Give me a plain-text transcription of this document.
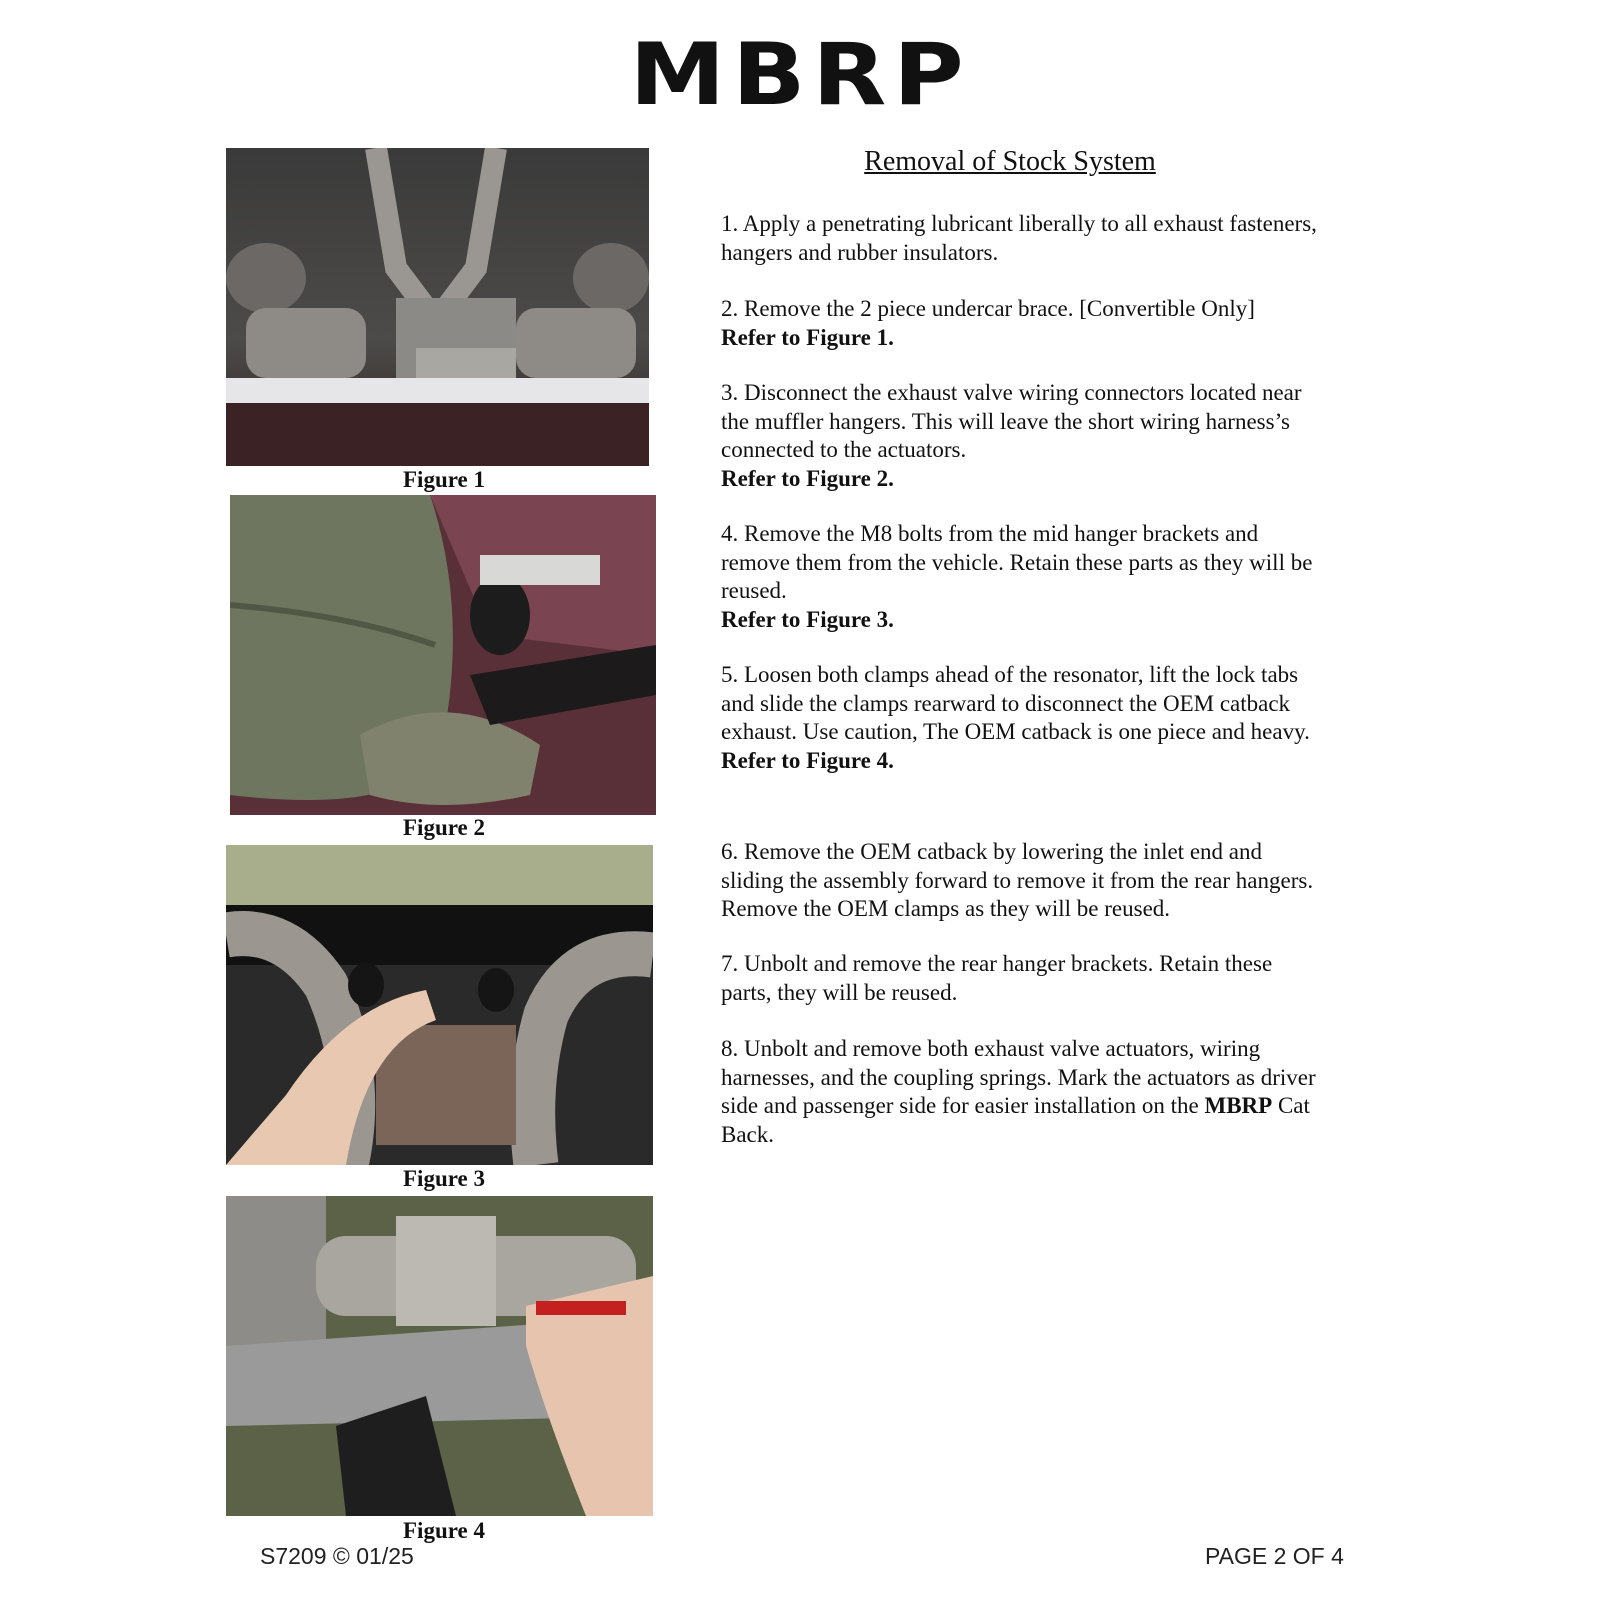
MBRP
Figure 1
Figure 2
Figure 3
Figure 4
Removal of Stock System

1. Apply a penetrating lubricant liberally to all exhaust fasteners, hangers and rubber insulators.

2. Remove the 2 piece undercar brace. [Convertible Only]
Refer to Figure 1.

3. Disconnect the exhaust valve wiring connectors located near the muffler hangers. This will leave the short wiring harness’s connected to the actuators.
Refer to Figure 2.

4. Remove the M8 bolts from the mid hanger brackets and remove them from the vehicle. Retain these parts as they will be reused.
Refer to Figure 3.

5. Loosen both clamps ahead of the resonator, lift the lock tabs and slide the clamps rearward to disconnect the OEM catback exhaust. Use caution, The OEM catback is one piece and heavy.
Refer to Figure 4.

6. Remove the OEM catback by lowering the inlet end and sliding the assembly forward to remove it from the rear hangers. Remove the OEM clamps as they will be reused.

7. Unbolt and remove the rear hanger brackets. Retain these parts, they will be reused.

8. Unbolt and remove both exhaust valve actuators, wiring harnesses, and the coupling springs. Mark the actuators as driver side and passenger side for easier installation on the MBRP Cat Back.

S7209 © 01/25	PAGE 2 OF 4
